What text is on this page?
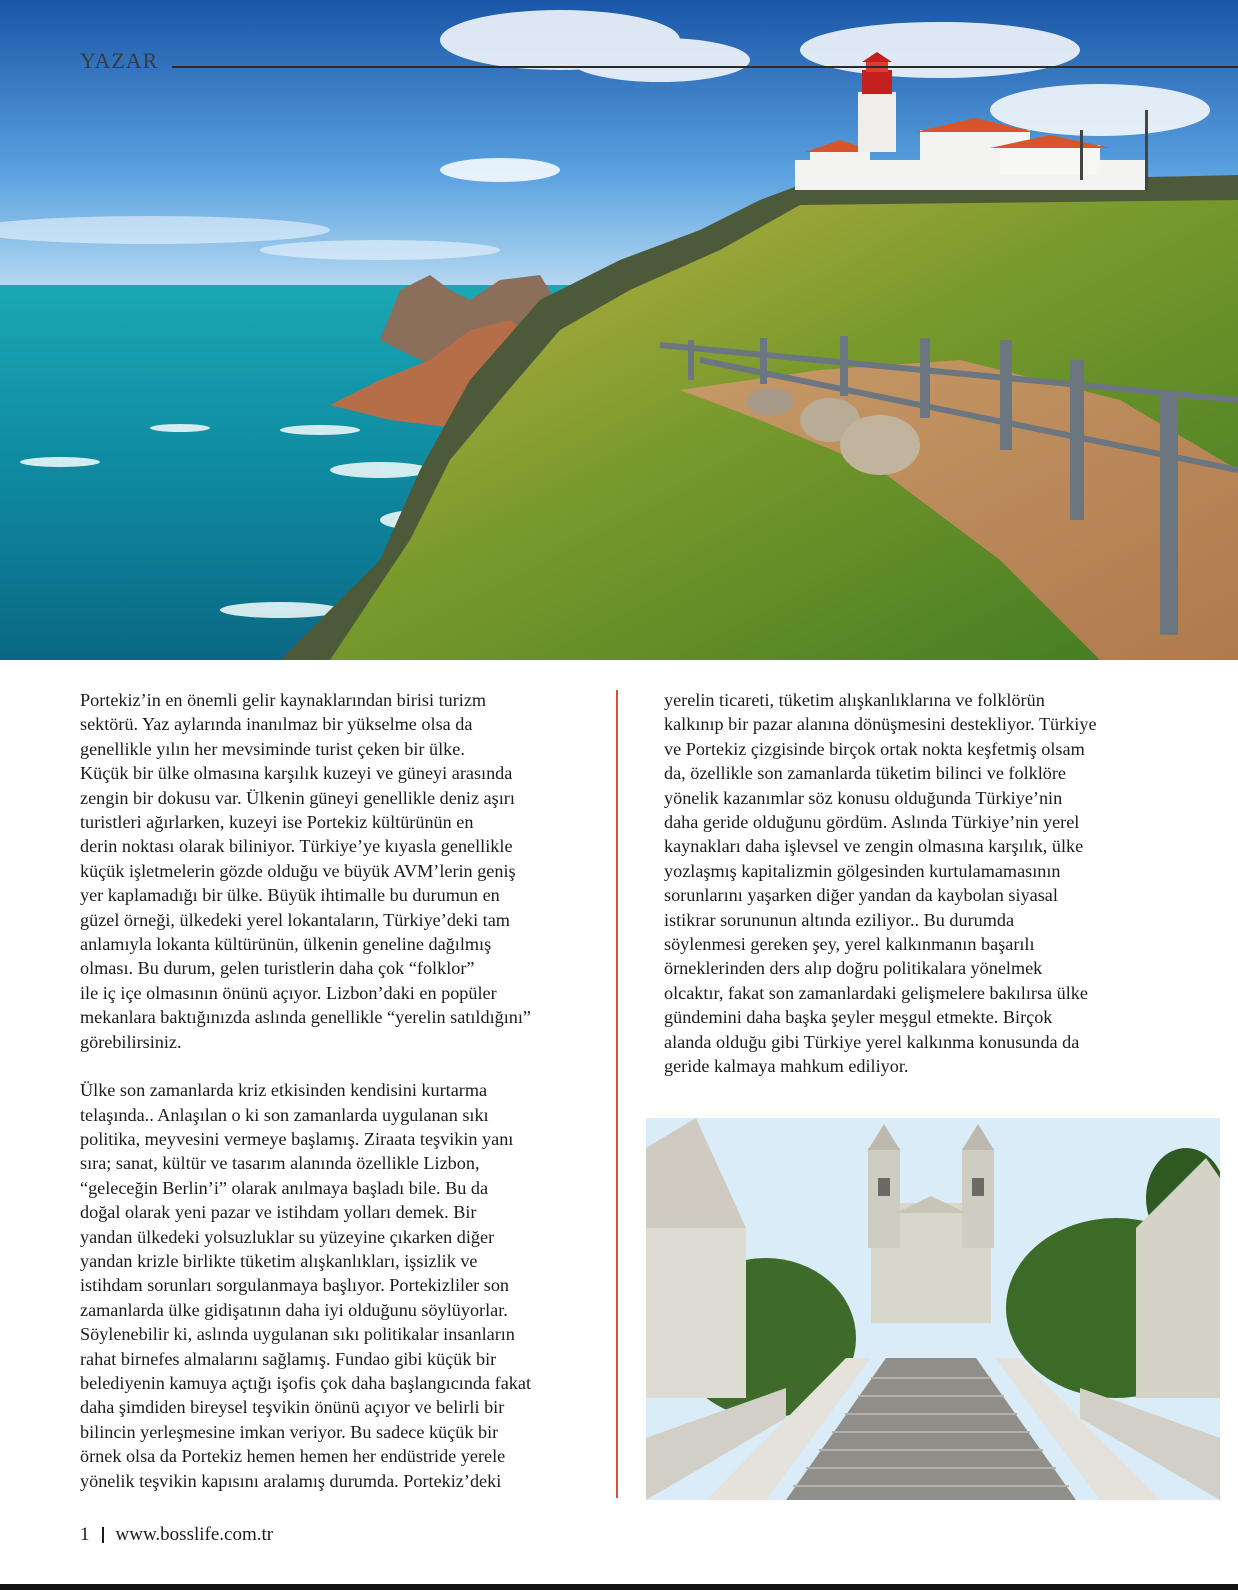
YAZAR

Portekiz’in en önemli gelir kaynaklarından birisi turizm
sektörü. Yaz aylarında inanılmaz bir yükselme olsa da
genellikle yılın her mevsiminde turist çeken bir ülke.
Küçük bir ülke olmasına karşılık kuzeyi ve güneyi arasında
zengin bir dokusu var. Ülkenin güneyi genellikle deniz aşırı
turistleri ağırlarken, kuzeyi ise Portekiz kültürünün en
derin noktası olarak biliniyor. Türkiye’ye kıyasla genellikle
küçük işletmelerin gözde olduğu ve büyük AVM’lerin geniş
yer kaplamadığı bir ülke. Büyük ihtimalle bu durumun en
güzel örneği, ülkedeki yerel lokantaların, Türkiye’deki tam
anlamıyla lokanta kültürünün, ülkenin geneline dağılmış
olması. Bu durum, gelen turistlerin daha çok “folklor”
ile iç içe olmasının önünü açıyor. Lizbon’daki en popüler
mekanlara baktığınızda aslında genellikle “yerelin satıldığını”
görebilirsiniz.

Ülke son zamanlarda kriz etkisinden kendisini kurtarma
telaşında.. Anlaşılan o ki son zamanlarda uygulanan sıkı
politika, meyvesini vermeye başlamış. Ziraata teşvikin yanı
sıra; sanat, kültür ve tasarım alanında özellikle Lizbon,
“geleceğin Berlin’i” olarak anılmaya başladı bile. Bu da
doğal olarak yeni pazar ve istihdam yolları demek. Bir
yandan ülkedeki yolsuzluklar su yüzeyine çıkarken diğer
yandan krizle birlikte tüketim alışkanlıkları, işsizlik ve
istihdam sorunları sorgulanmaya başlıyor. Portekizliler son
zamanlarda ülke gidişatının daha iyi olduğunu söylüyorlar.
Söylenebilir ki, aslında uygulanan sıkı politikalar insanların
rahat birnefes almalarını sağlamış. Fundao gibi küçük bir
belediyenin kamuya açtığı işofis çok daha başlangıcında fakat
daha şimdiden bireysel teşvikin önünü açıyor ve belirli bir
bilincin yerleşmesine imkan veriyor. Bu sadece küçük bir
örnek olsa da Portekiz hemen hemen her endüstride yerele
yönelik teşvikin kapısını aralamış durumda. Portekiz’deki

yerelin ticareti, tüketim alışkanlıklarına ve folklörün
kalkınıp bir pazar alanına dönüşmesini destekliyor. Türkiye
ve Portekiz çizgisinde birçok ortak nokta keşfetmiş olsam
da, özellikle son zamanlarda tüketim bilinci ve folklöre
yönelik kazanımlar söz konusu olduğunda Türkiye’nin
daha geride olduğunu gördüm. Aslında Türkiye’nin yerel
kaynakları daha işlevsel ve zengin olmasına karşılık, ülke
yozlaşmış kapitalizmin gölgesinden kurtulamamasının
sorunlarını yaşarken diğer yandan da kaybolan siyasal
istikrar sorununun altında eziliyor.. Bu durumda
söylenmesi gereken şey, yerel kalkınmanın başarılı
örneklerinden ders alıp doğru politikalara yönelmek
olcaktır, fakat son zamanlardaki gelişmelere bakılırsa ülke
gündemini daha başka şeyler meşgul etmekte. Birçok
alanda olduğu gibi Türkiye yerel kalkınma konusunda da
geride kalmaya mahkum ediliyor.

1 www.bosslife.com.tr
